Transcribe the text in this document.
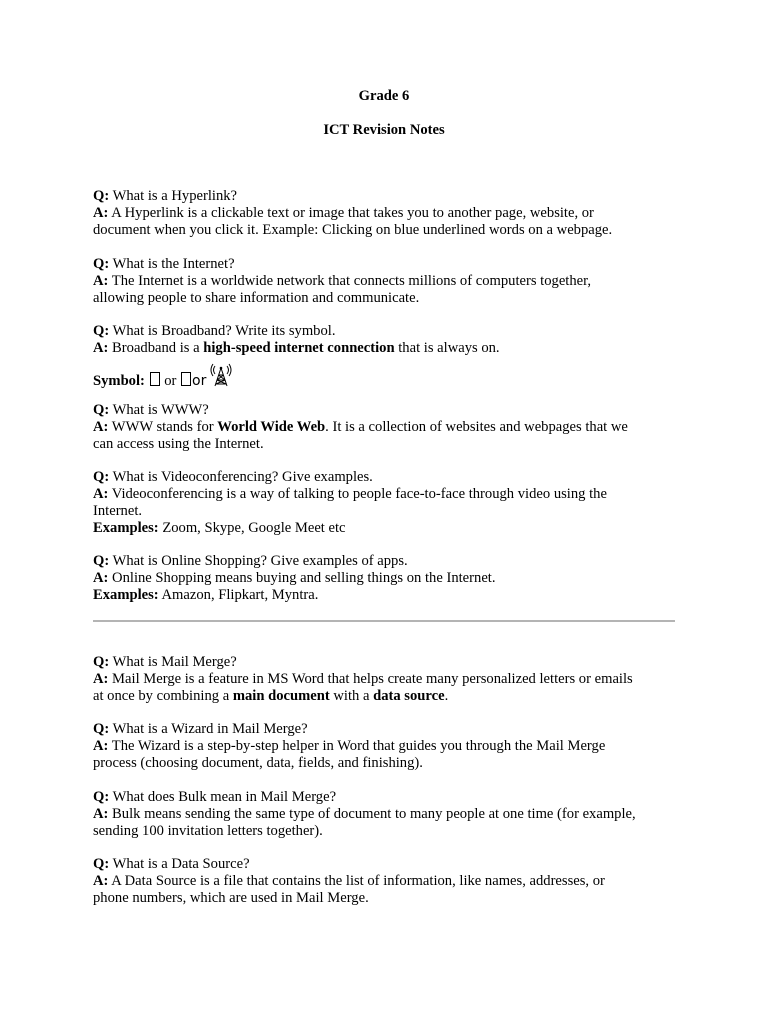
Grade 6
ICT Revision Notes
Q: What is a Hyperlink?
A: A Hyperlink is a clickable text or image that takes you to another page, website, or
document when you click it. Example: Clicking on blue underlined words on a webpage.
Q: What is the Internet?
A: The Internet is a worldwide network that connects millions of computers together,
allowing people to share information and communicate.
Q: What is Broadband? Write its symbol.
A: Broadband is a high-speed internet connection that is always on.
Symbol:  or or
Q: What is WWW?
A: WWW stands for World Wide Web. It is a collection of websites and webpages that we
can access using the Internet.
Q: What is Videoconferencing? Give examples.
A: Videoconferencing is a way of talking to people face-to-face through video using the
Internet.
Examples: Zoom, Skype, Google Meet etc
Q: What is Online Shopping? Give examples of apps.
A: Online Shopping means buying and selling things on the Internet.
Examples: Amazon, Flipkart, Myntra.
Q: What is Mail Merge?
A: Mail Merge is a feature in MS Word that helps create many personalized letters or emails
at once by combining a main document with a data source.
Q: What is a Wizard in Mail Merge?
A: The Wizard is a step-by-step helper in Word that guides you through the Mail Merge
process (choosing document, data, fields, and finishing).
Q: What does Bulk mean in Mail Merge?
A: Bulk means sending the same type of document to many people at one time (for example,
sending 100 invitation letters together).
Q: What is a Data Source?
A: A Data Source is a file that contains the list of information, like names, addresses, or
phone numbers, which are used in Mail Merge.
